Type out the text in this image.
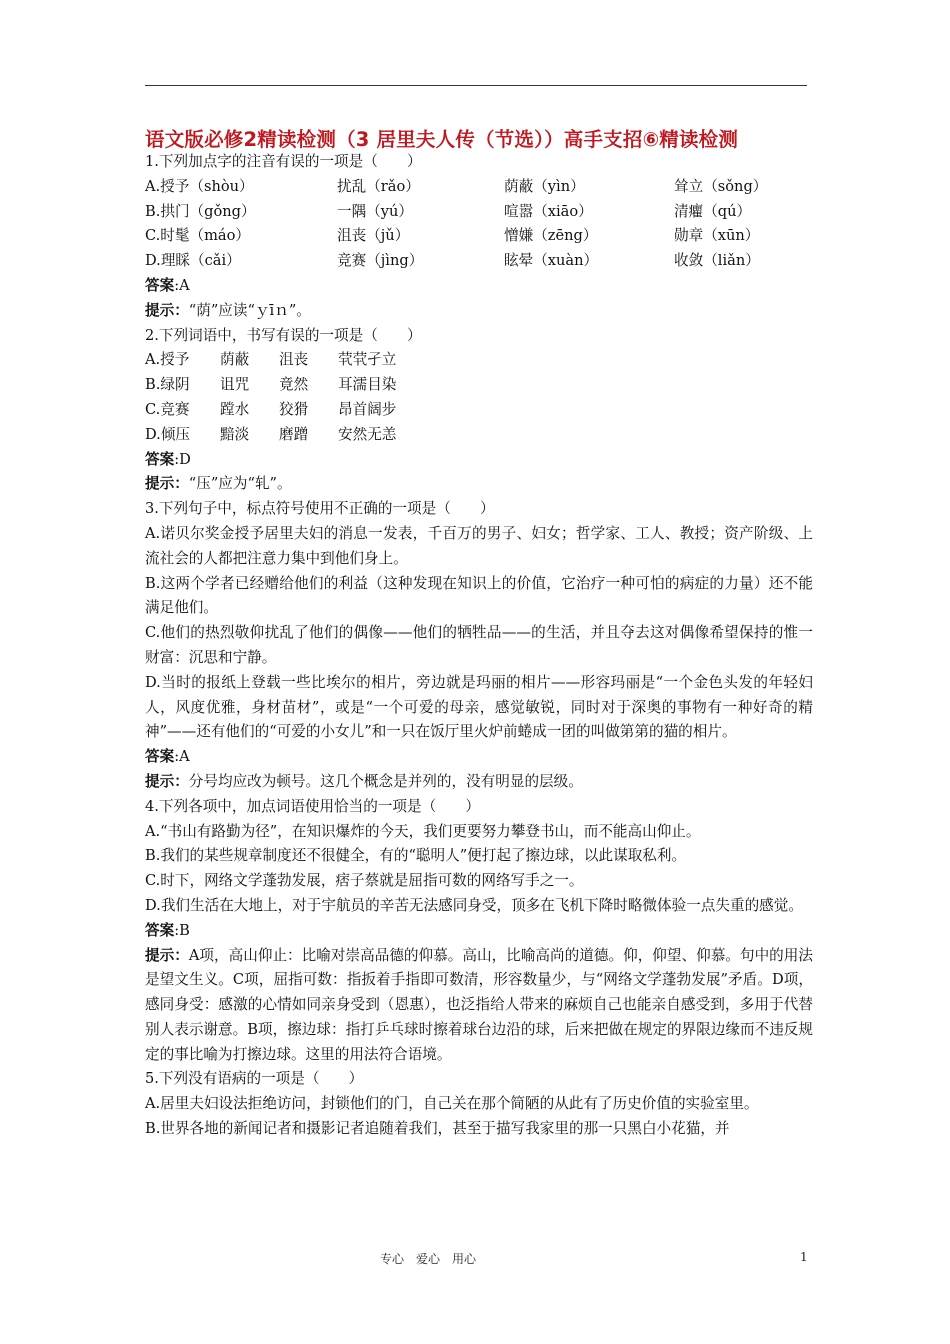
语文版必修2精读检测（3 居里夫人传（节选））高手支招⑥精读检测
1.下列加点字的注音有误的一项是（　　）
A.授予（shòu）	扰乱（rǎo）	荫蔽（yìn）	耸立（sǒng）
B.拱门（gǒng）	一隅（yú）	喧嚣（xiāo）	清癯（qú）
C.时髦（máo）	沮丧（jǔ）	憎嫌（zēng）	勋章（xūn）
D.理睬（cǎi）	竞赛（jìng）	眩晕（xuàn）	收敛（liǎn）
答案:A
提示：“荫”应读“ｙīｎ”。
2.下列词语中，书写有误的一项是（　　）
A.授予	荫蔽	沮丧	茕茕孑立
B.绿阴	诅咒	竟然	耳濡目染
C.竞赛	蹚水	狡猾	昂首阔步
D.倾压	黯淡	磨蹭	安然无恙
答案:D
提示：“压”应为“轧”。
3.下列句子中，标点符号使用不正确的一项是（　　）
A.诺贝尔奖金授予居里夫妇的消息一发表，千百万的男子、妇女；哲学家、工人、教授；资产阶级、上流社会的人都把注意力集中到他们身上。
B.这两个学者已经赠给他们的利益（这种发现在知识上的价值，它治疗一种可怕的病症的力量）还不能满足他们。
C.他们的热烈敬仰扰乱了他们的偶像——他们的牺牲品——的生活，并且夺去这对偶像希望保持的惟一财富：沉思和宁静。
D.当时的报纸上登载一些比埃尔的相片，旁边就是玛丽的相片——形容玛丽是“一个金色头发的年轻妇人，风度优雅，身材苗材”，或是“一个可爱的母亲，感觉敏锐，同时对于深奥的事物有一种好奇的精神”——还有他们的“可爱的小女儿”和一只在饭厅里火炉前蜷成一团的叫做第第的猫的相片。
答案:A
提示：分号均应改为顿号。这几个概念是并列的，没有明显的层级。
4.下列各项中，加点词语使用恰当的一项是（　　）
A.“书山有路勤为径”，在知识爆炸的今天，我们更要努力攀登书山，而不能高山仰止。
B.我们的某些规章制度还不很健全，有的“聪明人”便打起了擦边球，以此谋取私利。
C.时下，网络文学蓬勃发展，痞子蔡就是屈指可数的网络写手之一。
D.我们生活在大地上，对于宇航员的辛苦无法感同身受，顶多在飞机下降时略微体验一点失重的感觉。
答案:B
提示：A项，高山仰止：比喻对崇高品德的仰慕。高山，比喻高尚的道德。仰，仰望、仰慕。句中的用法是望文生义。C项，屈指可数：指扳着手指即可数清，形容数量少，与“网络文学蓬勃发展”矛盾。D项，感同身受：感激的心情如同亲身受到（恩惠），也泛指给人带来的麻烦自己也能亲自感受到，多用于代替别人表示谢意。B项，擦边球：指打乒乓球时擦着球台边沿的球，后来把做在规定的界限边缘而不违反规定的事比喻为打擦边球。这里的用法符合语境。
5.下列没有语病的一项是（　　）
A.居里夫妇设法拒绝访问，封锁他们的门，自己关在那个简陋的从此有了历史价值的实验室里。
B.世界各地的新闻记者和摄影记者追随着我们，甚至于描写我家里的那一只黑白小花猫，并
专心　爱心　用心	1
